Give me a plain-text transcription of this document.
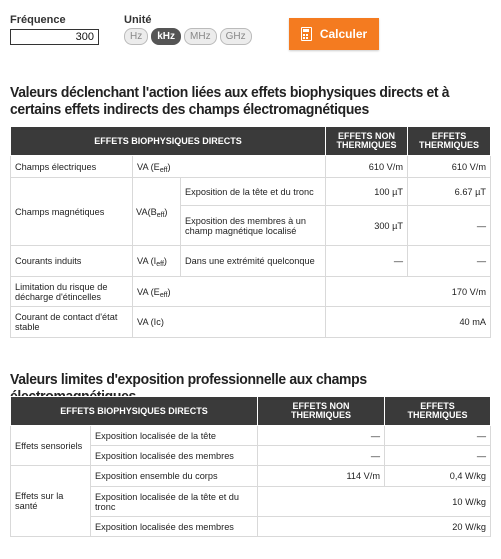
Fréquence
300	Unité
Hz	kHz	MHz	GHz	Calculer
Valeurs déclenchant l'action liées aux effets biophysiques directs et à
certains effets indirects des champs électromagnétiques
EFFETS BIOPHYSIQUES DIRECTS			EFFETS NON
THERMIQUES	EFFETS
THERMIQUES
Champs électriques	VA $(E_{eff})$		610 V/m	610 V/m
Champs magnétiques	$VA(B_{eff})$	Exposition de la tête et du tronc	100 µT	6.67 µT
		Exposition des membres à un champ magnétique localisé	300 µT	—
Courants induits	VA $(I_{eff})$	Dans une extrémité quelconque	—	—
Limitation du risque de décharge d'étincelles	VA $(E_{eff})$		170 V/m	
Courant de contact d'état stable	VA (Ic)		40 mA	
Valeurs limites d'exposition professionnelle aux champs
EFFETS BIOPHYSIQUES DIRECTS		EFFETS NON
THERMIQUES	EFFETS
THERMIQUES
Effets sensoriels	Exposition localisée de la tête	—	—
	Exposition localisée des membres	—	—
Effets sur la santé	Exposition ensemble du corps	114 V/m	0,4 W/kg
	Exposition localisée de la tête et du tronc	10 W/kg	
	Exposition localisée des membres	20 W/kg	
